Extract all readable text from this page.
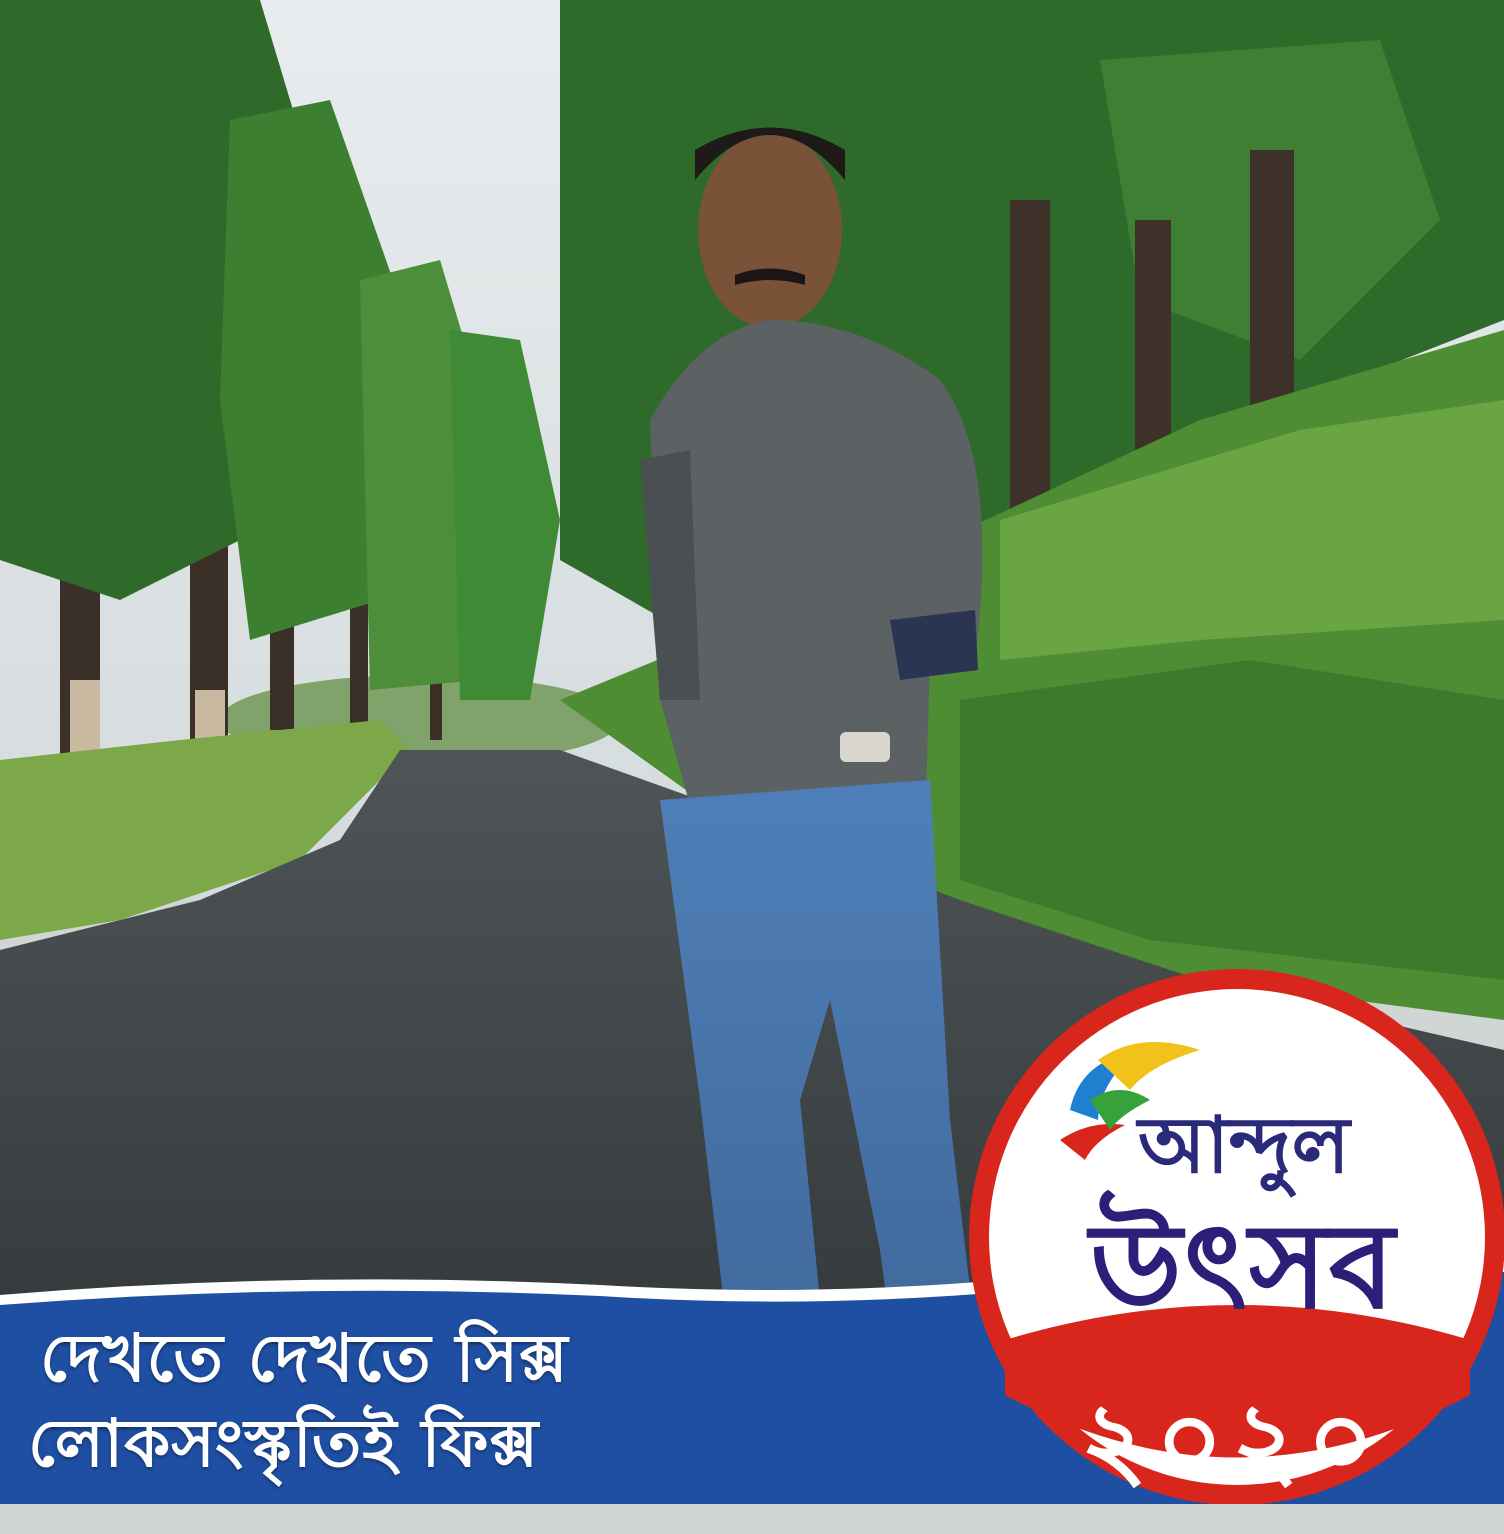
দেখতে দেখতে সিক্স
লোকসংস্কৃতিই ফিক্স
আন্দুল
উৎসব
২০২০
